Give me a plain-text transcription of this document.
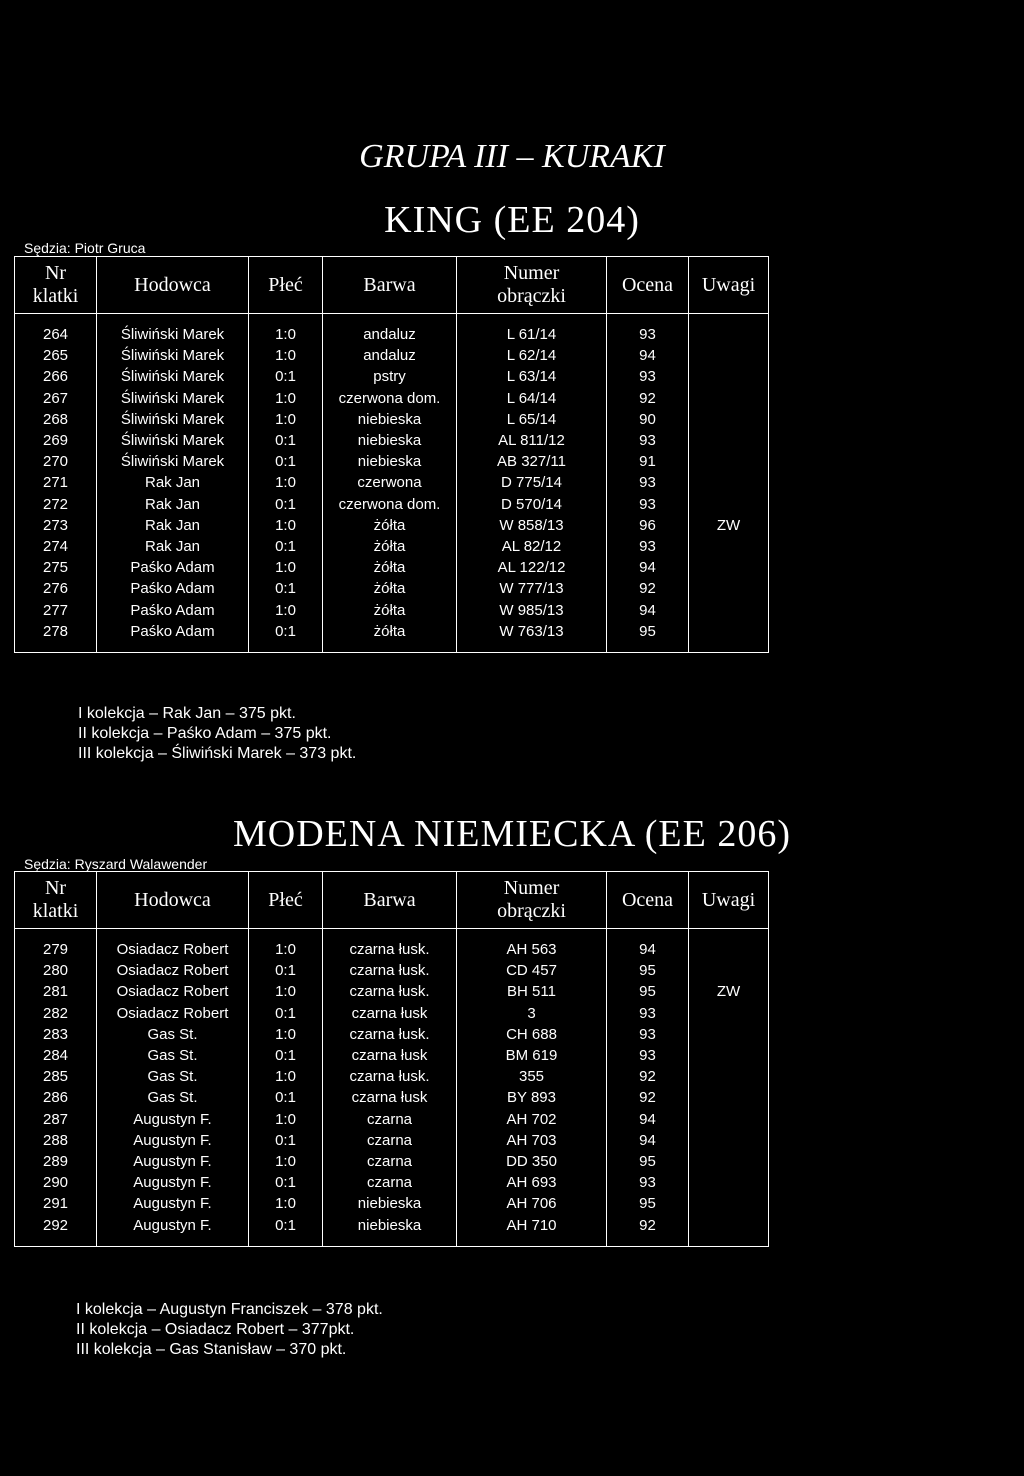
GRUPA III – KURAKI
KING (EE 204)
Sędzia: Piotr Gruca
Nr
klatki	Hodowca	Płeć	Barwa	Numer
obrączki	Ocena	Uwagi

264	Śliwiński Marek	1:0	andaluz	L 61/14	93	
265	Śliwiński Marek	1:0	andaluz	L 62/14	94	
266	Śliwiński Marek	0:1	pstry	L 63/14	93	
267	Śliwiński Marek	1:0	czerwona dom.	L 64/14	92	
268	Śliwiński Marek	1:0	niebieska	L 65/14	90	
269	Śliwiński Marek	0:1	niebieska	AL 811/12	93	
270	Śliwiński Marek	0:1	niebieska	AB 327/11	91	
271	Rak Jan	1:0	czerwona	D 775/14	93	
272	Rak Jan	0:1	czerwona dom.	D 570/14	93	
273	Rak Jan	1:0	żółta	W 858/13	96	ZW
274	Rak Jan	0:1	żółta	AL 82/12	93	
275	Paśko Adam	1:0	żółta	AL 122/12	94	
276	Paśko Adam	0:1	żółta	W 777/13	92	
277	Paśko Adam	1:0	żółta	W 985/13	94	
278	Paśko Adam	0:1	żółta	W 763/13	95	

I kolekcja – Rak Jan – 375 pkt.
II kolekcja – Paśko Adam – 375 pkt.
III kolekcja – Śliwiński Marek – 373 pkt.
MODENA NIEMIECKA (EE 206)
Sędzia: Ryszard Walawender
Nr
klatki	Hodowca	Płeć	Barwa	Numer
obrączki	Ocena	Uwagi

279	Osiadacz Robert	1:0	czarna łusk.	AH 563	94	
280	Osiadacz Robert	0:1	czarna łusk.	CD 457	95	
281	Osiadacz Robert	1:0	czarna łusk.	BH 511	95	ZW
282	Osiadacz Robert	0:1	czarna łusk	3	93	
283	Gas St.	1:0	czarna łusk.	CH 688	93	
284	Gas St.	0:1	czarna łusk	BM 619	93	
285	Gas St.	1:0	czarna łusk.	355	92	
286	Gas St.	0:1	czarna łusk	BY 893	92	
287	Augustyn F.	1:0	czarna	AH 702	94	
288	Augustyn F.	0:1	czarna	AH 703	94	
289	Augustyn F.	1:0	czarna	DD 350	95	
290	Augustyn F.	0:1	czarna	AH 693	93	
291	Augustyn F.	1:0	niebieska	AH 706	95	
292	Augustyn F.	0:1	niebieska	AH 710	92	

I kolekcja – Augustyn Franciszek – 378 pkt.
II kolekcja – Osiadacz Robert – 377pkt.
III kolekcja – Gas Stanisław – 370 pkt.
